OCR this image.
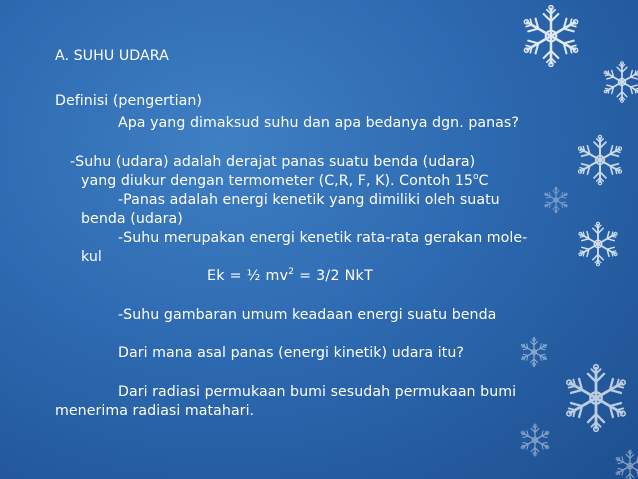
A. SUHU UDARA
Definisi (pengertian)
Apa yang dimaksud suhu dan apa bedanya dgn. panas?
-Suhu (udara) adalah derajat panas suatu benda (udara)
yang diukur dengan termometer (C,R, F, K). Contoh 15$^o$C
-Panas adalah energi kenetik yang dimiliki oleh suatu
benda (udara)
-Suhu merupakan energi kenetik rata-rata gerakan mole-
kul
Ek = ½ $mv^2 = 3/2$ NkT
-Suhu gambaran umum keadaan energi suatu benda
Dari mana asal panas (energi kinetik) udara itu?
Dari radiasi permukaan bumi sesudah permukaan bumi
menerima radiasi matahari.
